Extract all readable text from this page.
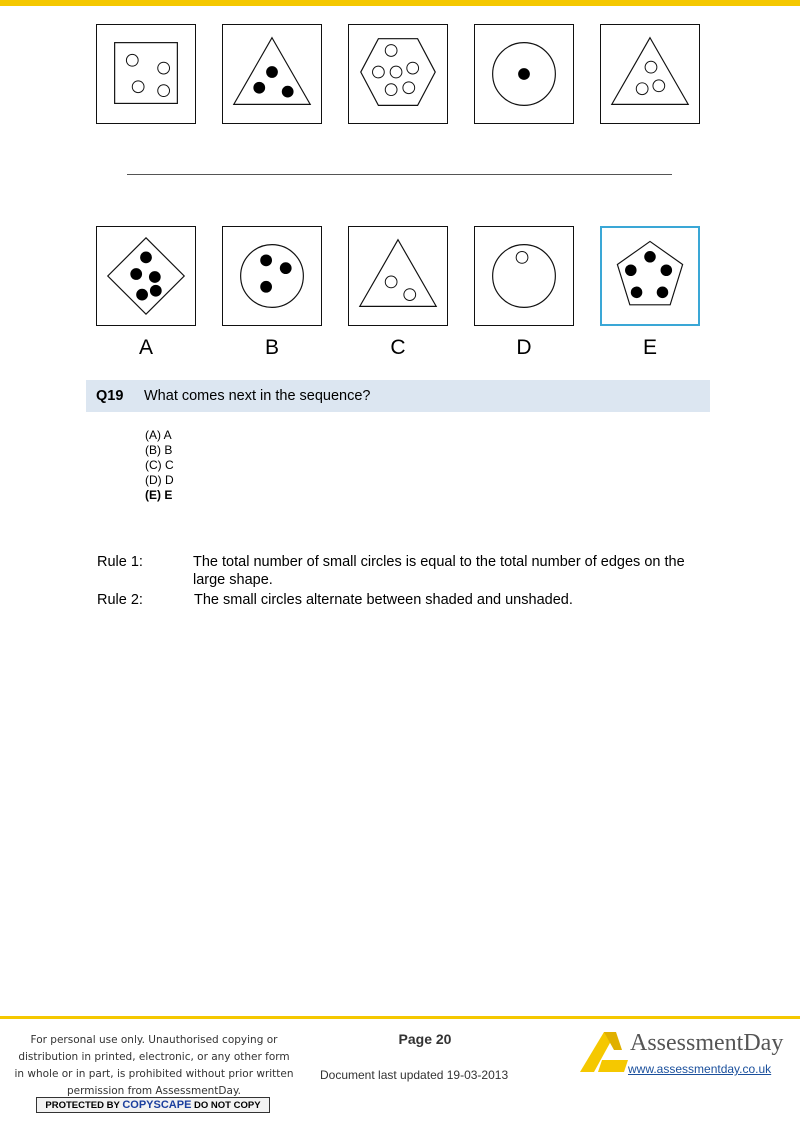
A	B	C	D	E
Q19 What comes next in the sequence?
(A) A
(B) B
(C) C
(D) D
(E) E
Rule 1:	The total number of small circles is equal to the total number of edges on the large shape.
Rule 2:	The small circles alternate between shaded and unshaded.
For personal use only. Unauthorised copying or distribution in printed, electronic, or any other form in whole or in part, is prohibited without prior written permission from AssessmentDay.
PROTECTED BY COPYSCAPE DO NOT COPY
Page 20
Document last updated 19-03-2013
AssessmentDay
www.assessmentday.co.uk
